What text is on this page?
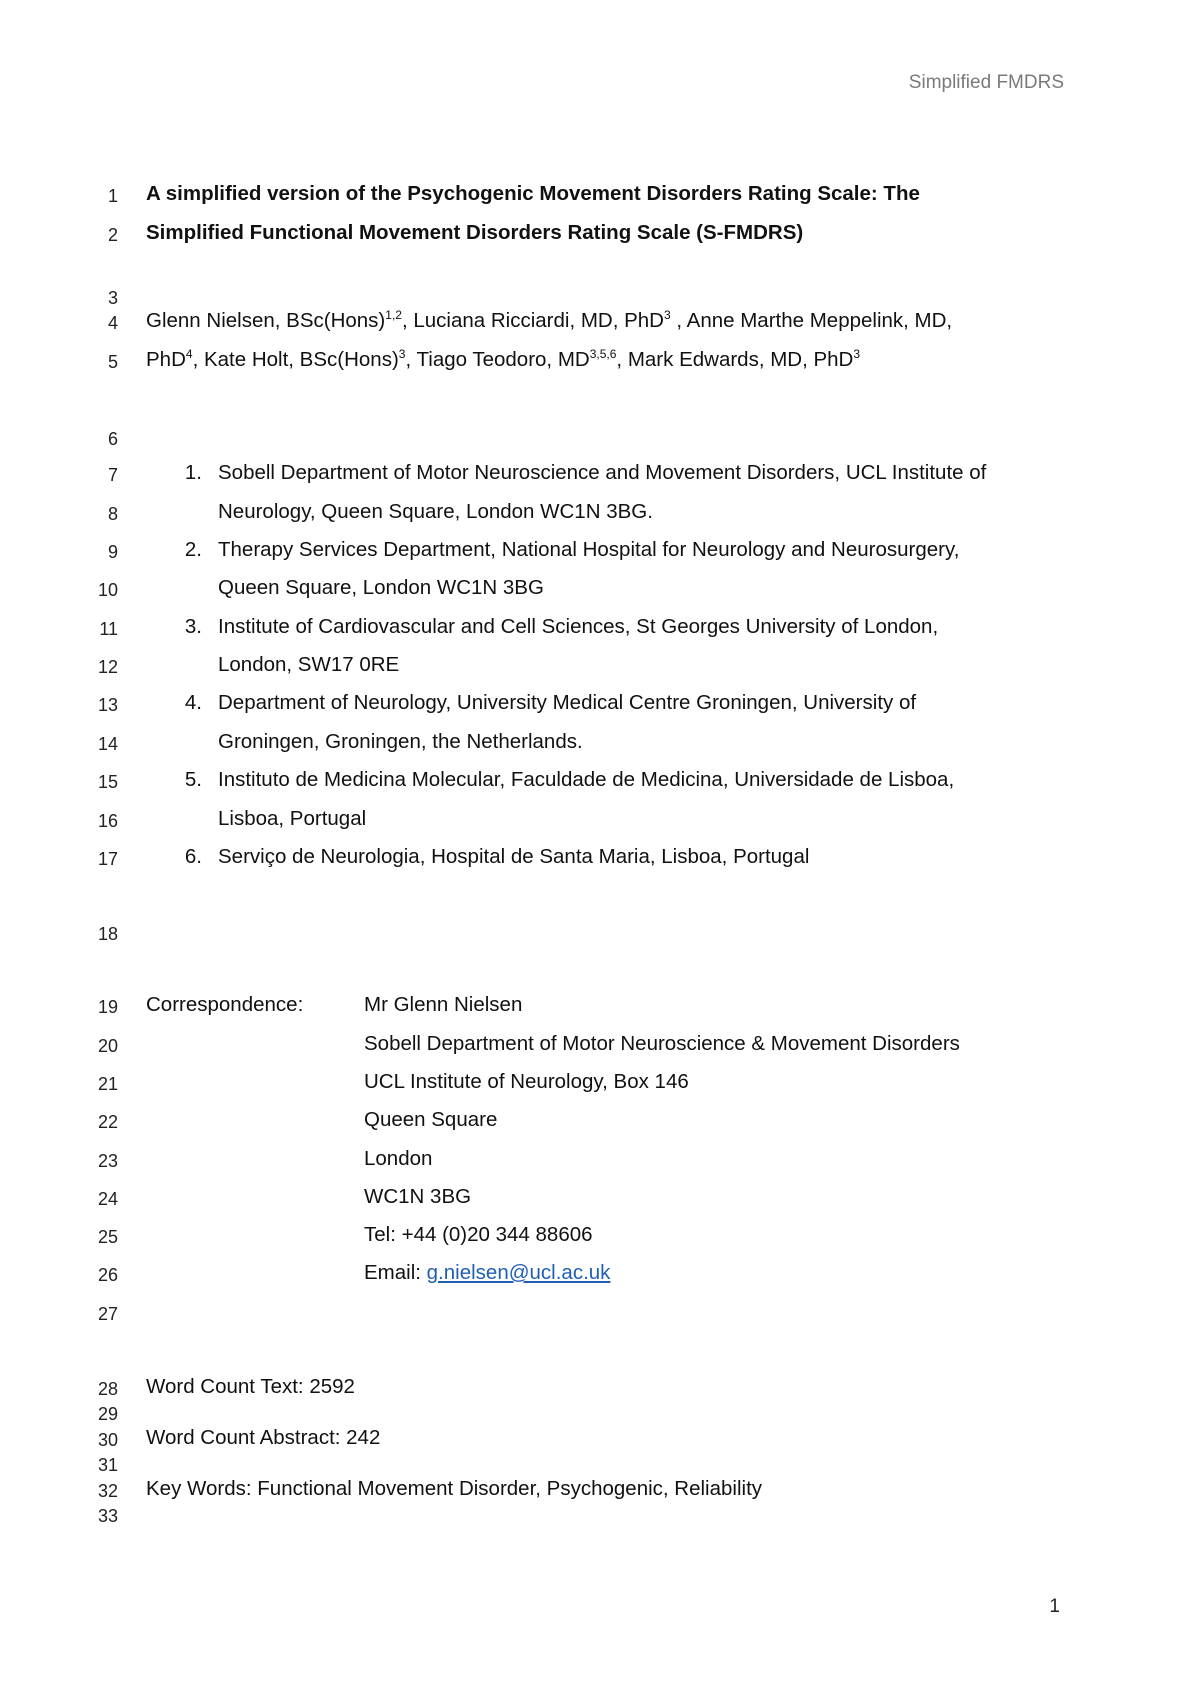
Simplified FMDRS
1 A simplified version of the Psychogenic Movement Disorders Rating Scale: The
2 Simplified Functional Movement Disorders Rating Scale (S-FMDRS)
3
4 Glenn Nielsen, BSc(Hons)$^{1,2}$, Luciana Ricciardi, MD, PhD$^3$ , Anne Marthe Meppelink, MD,
5 PhD$^4$, Kate Holt, BSc(Hons)$^3$, Tiago Teodoro, MD$^{3,5,6}$, Mark Edwards, MD, PhD$^3$
6
7	1. Sobell Department of Motor Neuroscience and Movement Disorders, UCL Institute of
8	Neurology, Queen Square, London WC1N 3BG.
9	2. Therapy Services Department, National Hospital for Neurology and Neurosurgery,
10	Queen Square, London WC1N 3BG
11	3. Institute of Cardiovascular and Cell Sciences, St Georges University of London,
12	London, SW17 0RE
13	4. Department of Neurology, University Medical Centre Groningen, University of
14	Groningen, Groningen, the Netherlands.
15	5. Instituto de Medicina Molecular, Faculdade de Medicina, Universidade de Lisboa,
16	Lisboa, Portugal
17	6. Serviço de Neurologia, Hospital de Santa Maria, Lisboa, Portugal
18
19 Correspondence:	Mr Glenn Nielsen
20	Sobell Department of Motor Neuroscience & Movement Disorders
21	UCL Institute of Neurology, Box 146
22	Queen Square
23	London
24	WC1N 3BG
25	Tel: +44 (0)20 344 88606
26	Email: g.nielsen@ucl.ac.uk
27
28 Word Count Text: 2592
29
30 Word Count Abstract: 242
31
32 Key Words: Functional Movement Disorder, Psychogenic, Reliability
33
1
